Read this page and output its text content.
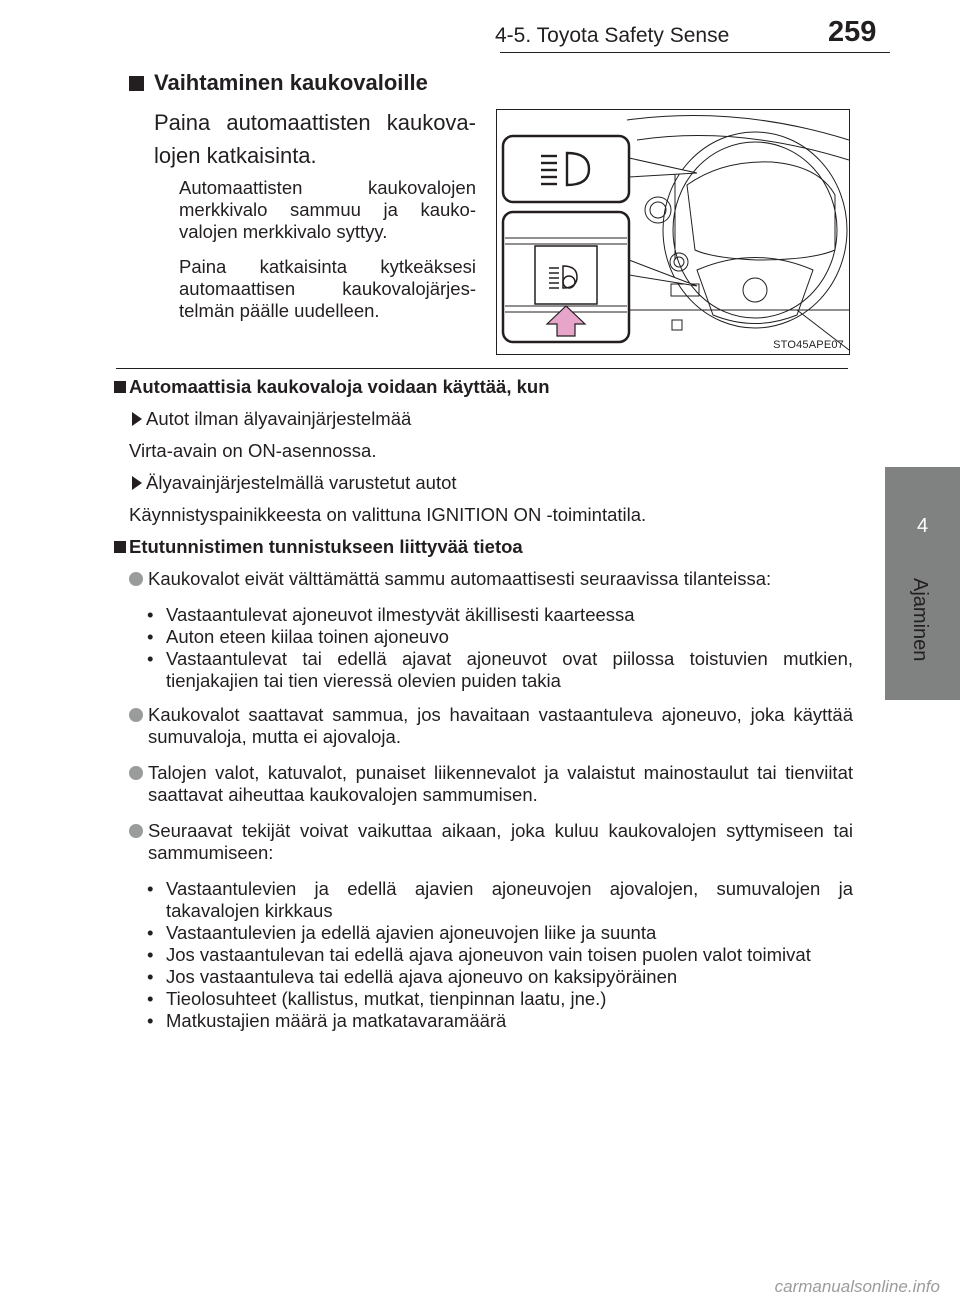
4-5. Toyota Safety Sense	259
4
Ajaminen
Vaihtaminen kaukovaloille

Paina automaattisten kaukovalojen katkaisinta.

Automaattisten kaukovalojen merkkivalo sammuu ja kaukovalojen merkkivalo syttyy.

Paina katkaisinta kytkeäksesi automaattisen kaukovalojärjestelmän päälle uudelleen.

STO45APE07

Automaattisia kaukovaloja voidaan käyttää, kun

Autot ilman älyavainjärjestelmää

Virta-avain on ON-asennossa.

Älyavainjärjestelmällä varustetut autot

Käynnistyspainikkeesta on valittuna IGNITION ON -toimintatila.

Etutunnistimen tunnistukseen liittyvää tietoa

Kaukovalot eivät välttämättä sammu automaattisesti seuraavissa tilanteissa:

• Vastaantulevat ajoneuvot ilmestyvät äkillisesti kaarteessa

• Auton eteen kiilaa toinen ajoneuvo

• Vastaantulevat tai edellä ajavat ajoneuvot ovat piilossa toistuvien mutkien, tienjakajien tai tien vieressä olevien puiden takia

Kaukovalot saattavat sammua, jos havaitaan vastaantuleva ajoneuvo, joka käyttää sumuvaloja, mutta ei ajovaloja.

Talojen valot, katuvalot, punaiset liikennevalot ja valaistut mainostaulut tai tienviitat saattavat aiheuttaa kaukovalojen sammumisen.

Seuraavat tekijät voivat vaikuttaa aikaan, joka kuluu kaukovalojen syttymiseen tai sammumiseen:

• Vastaantulevien ja edellä ajavien ajoneuvojen ajovalojen, sumuvalojen ja takavalojen kirkkaus

• Vastaantulevien ja edellä ajavien ajoneuvojen liike ja suunta

• Jos vastaantulevan tai edellä ajava ajoneuvon vain toisen puolen valot toimivat

• Jos vastaantuleva tai edellä ajava ajoneuvo on kaksipyöräinen

• Tieolosuhteet (kallistus, mutkat, tienpinnan laatu, jne.)

• Matkustajien määrä ja matkatavaramäärä

carmanualsonline.info
